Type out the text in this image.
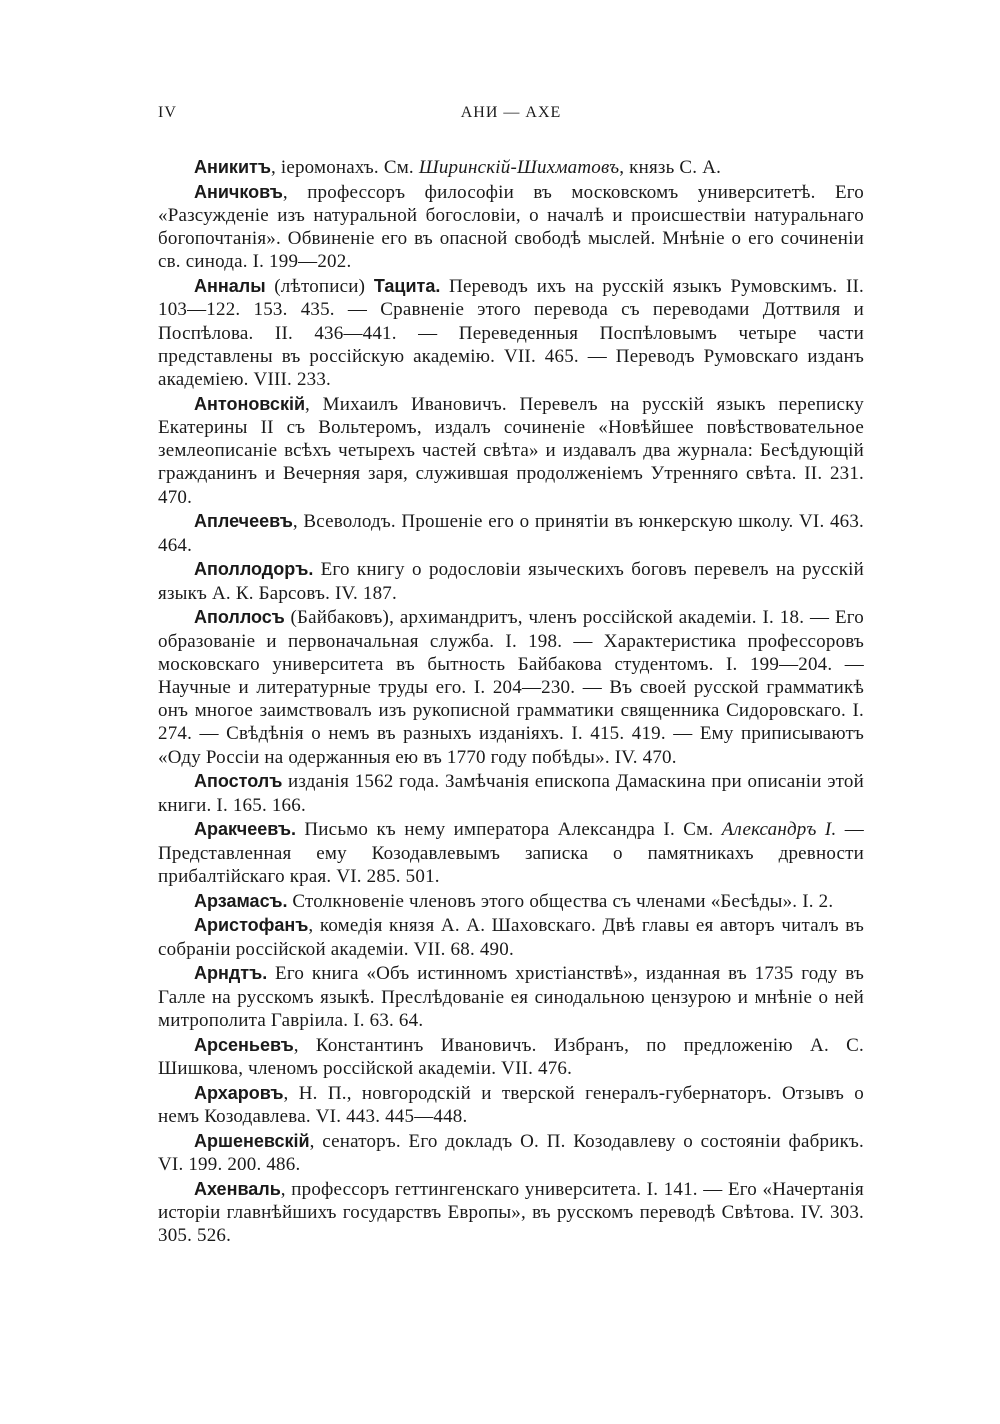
IV	АНИ — АХЕ

Аникитъ, іеромонахъ. См. Ширинскій-Шихматовъ, князь С. А.

Аничковъ, профессоръ философіи въ московскомъ университетѣ. Его «Разсужденіе изъ натуральной богословіи, о началѣ и происшествіи натуральнаго богопочтанія». Обвиненіе его въ опасной свободѣ мыслей. Мнѣніе о его сочиненіи св. синода. I. 199—202.

Анналы (лѣтописи) Тацита. Переводъ ихъ на русскій языкъ Румовскимъ. II. 103—122. 153. 435. — Сравненіе этого перевода съ переводами Доттвиля и Поспѣлова. II. 436—441. — Переведенныя Поспѣловымъ четыре части представлены въ россійскую академію. VII. 465. — Переводъ Румовскаго изданъ академіею. VIII. 233.

Антоновскій, Михаилъ Ивановичъ. Перевелъ на русскій языкъ переписку Екатерины II съ Вольтеромъ, издалъ сочиненіе «Новѣйшее повѣствовательное землеописаніе всѣхъ четырехъ частей свѣта» и издавалъ два журнала: Бесѣдующій гражданинъ и Вечерняя заря, служившая продолженіемъ Утренняго свѣта. II. 231. 470.

Аплечеевъ, Всеволодъ. Прошеніе его о принятіи въ юнкерскую школу. VI. 463. 464.

Аполлодоръ. Его книгу о родословіи языческихъ боговъ перевелъ на русскій языкъ А. К. Барсовъ. IV. 187.

Аполлосъ (Байбаковъ), архимандритъ, членъ россійской академіи. I. 18. — Его образованіе и первоначальная служба. I. 198. — Характеристика профессоровъ московскаго университета въ бытность Байбакова студентомъ. I. 199—204. — Научные и литературные труды его. I. 204—230. — Въ своей русской грамматикѣ онъ многое заимствовалъ изъ рукописной грамматики священника Сидоровскаго. I. 274. — Свѣдѣнія о немъ въ разныхъ изданіяхъ. I. 415. 419. — Ему приписываютъ «Оду Россіи на одержанныя ею въ 1770 году побѣды». IV. 470.

Апостолъ изданія 1562 года. Замѣчанія епископа Дамаскина при описаніи этой книги. I. 165. 166.

Аракчеевъ. Письмо къ нему императора Александра I. См. Александръ I. — Представленная ему Козодавлевымъ записка о памятникахъ древности прибалтійскаго края. VI. 285. 501.

Арзамасъ. Столкновеніе членовъ этого общества съ членами «Бесѣды». I. 2.

Аристофанъ, комедія князя А. А. Шаховскаго. Двѣ главы ея авторъ читалъ въ собраніи россійской академіи. VII. 68. 490.

Арндтъ. Его книга «Объ истинномъ христіанствѣ», изданная въ 1735 году въ Галле на русскомъ языкѣ. Преслѣдованіе ея синодальною цензурою и мнѣніе о ней митрополита Гавріила. I. 63. 64.

Арсеньевъ, Константинъ Ивановичъ. Избранъ, по предложенію А. С. Шишкова, членомъ россійской академіи. VII. 476.

Архаровъ, Н. П., новгородскій и тверской генералъ-губернаторъ. Отзывъ о немъ Козодавлева. VI. 443. 445—448.

Аршеневскій, сенаторъ. Его докладъ О. П. Козодавлеву о состояніи фабрикъ. VI. 199. 200. 486.

Ахенваль, профессоръ геттингенскаго университета. I. 141. — Его «Начертанія исторіи главнѣйшихъ государствъ Европы», въ русскомъ переводѣ Свѣтова. IV. 303. 305. 526.
